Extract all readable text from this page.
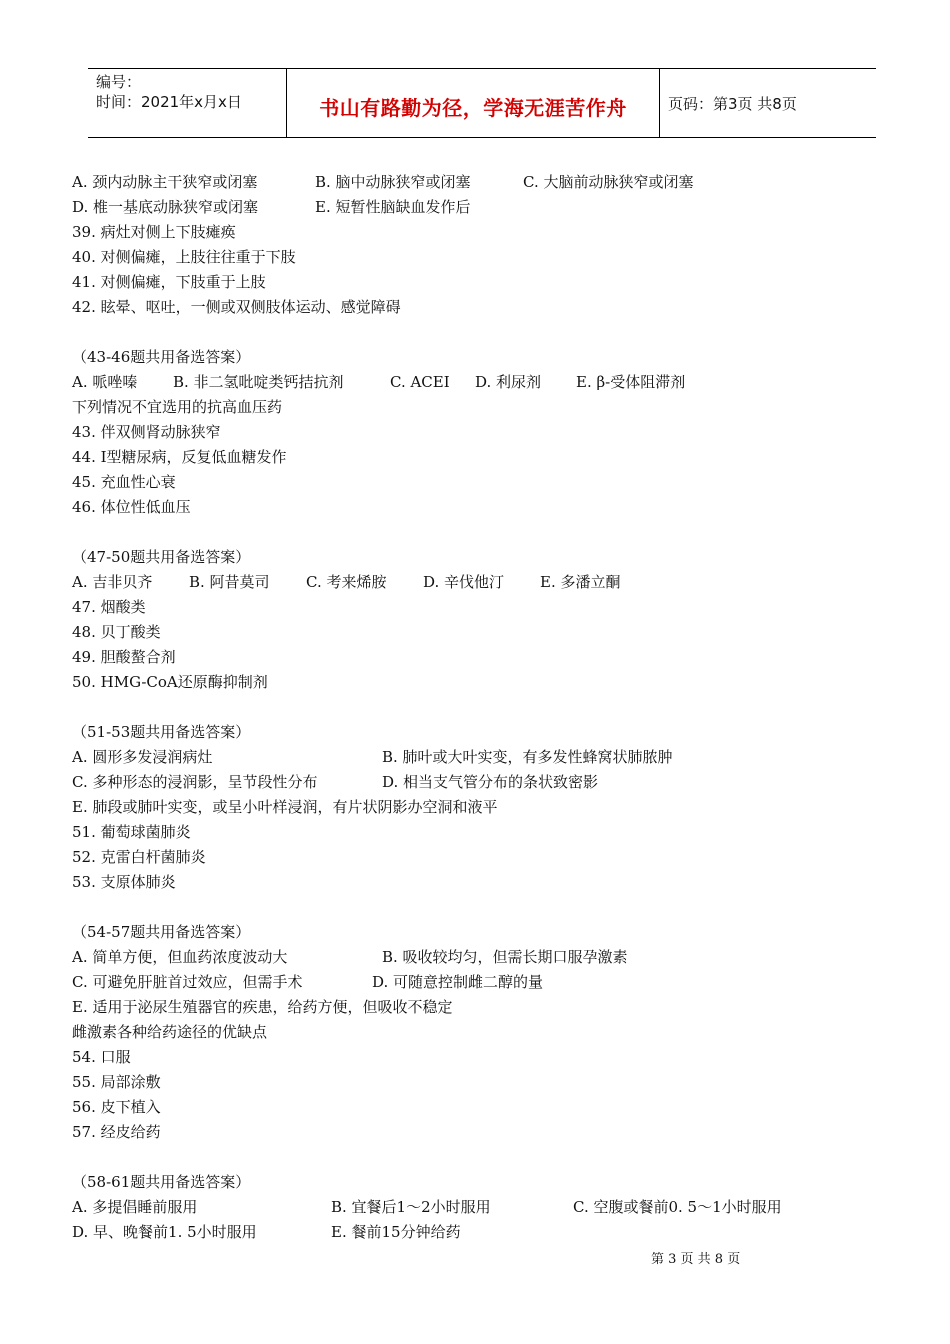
编号：
时间：2021年x月x日	书山有路勤为径，学海无涯苦作舟	页码：第3页 共8页
A. 颈内动脉主干狭窄或闭塞	B. 脑中动脉狭窄或闭塞	C. 大脑前动脉狭窄或闭塞
D. 椎一基底动脉狭窄或闭塞	E. 短暂性脑缺血发作后
39. 病灶对侧上下肢瘫痪
40. 对侧偏瘫，上肢往往重于下肢
41. 对侧偏瘫，下肢重于上肢
42. 眩晕、呕吐，一侧或双侧肢体运动、感觉障碍
（43-46题共用备选答案）
A. 哌唑嗪	B. 非二氢吡啶类钙拮抗剂	C. ACEI	D. 利尿剂	E. β-受体阻滞剂
下列情况不宜选用的抗高血压药
43. 伴双侧肾动脉狭窄
44. Ⅰ型糖尿病，反复低血糖发作
45. 充血性心衰
46. 体位性低血压
（47-50题共用备选答案）
A. 吉非贝齐	B. 阿昔莫司	C. 考来烯胺	D. 辛伐他汀	E. 多潘立酮
47. 烟酸类
48. 贝丁酸类
49. 胆酸螯合剂
50. HMG-CoA还原酶抑制剂
（51-53题共用备选答案）
A. 圆形多发浸润病灶	B. 肺叶或大叶实变，有多发性蜂窝状肺脓肿
C. 多种形态的浸润影，呈节段性分布	D. 相当支气管分布的条状致密影
E. 肺段或肺叶实变，或呈小叶样浸润，有片状阴影办空洞和液平
51. 葡萄球菌肺炎
52. 克雷白杆菌肺炎
53. 支原体肺炎
（54-57题共用备选答案）
A. 简单方便，但血药浓度波动大	B. 吸收较均匀，但需长期口服孕激素
C. 可避免肝脏首过效应，但需手术	D. 可随意控制雌二醇的量
E. 适用于泌尿生殖器官的疾患，给药方便，但吸收不稳定
雌激素各种给药途径的优缺点
54. 口服
55. 局部涂敷
56. 皮下植入
57. 经皮给药
（58-61题共用备选答案）
A. 多提倡睡前服用	B. 宜餐后1～2小时服用	C. 空腹或餐前0. 5～1小时服用
D. 早、晚餐前1. 5小时服用	E. 餐前15分钟给药
第 3 页 共 8 页
